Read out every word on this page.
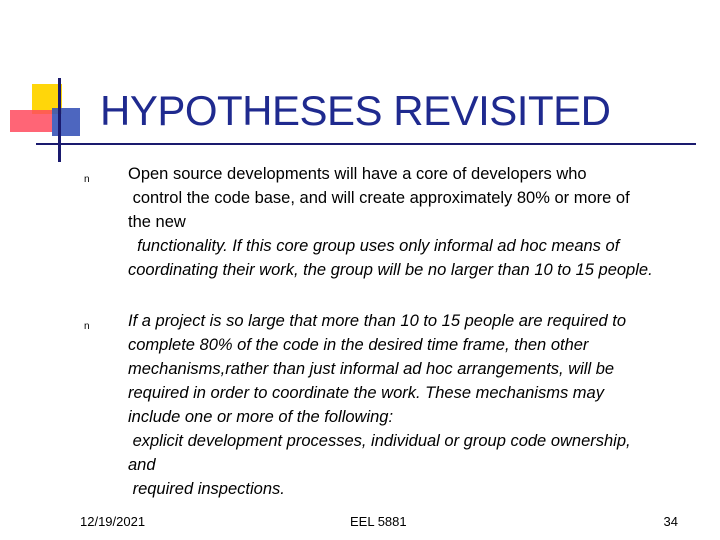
HYPOTHESES REVISITED
n Open source developments will have a core of developers who
control the code base, and will create approximately 80% or more of
the new
functionality. If this core group uses only informal ad hoc means of
coordinating their work, the group will be no larger than 10 to 15 people.
n If a project is so large that more than 10 to 15 people are required to
complete 80% of the code in the desired time frame, then other
mechanisms,rather than just informal ad hoc arrangements, will be
required in order to coordinate the work. These mechanisms may
include one or more of the following:
explicit development processes, individual or group code ownership,
and
required inspections.
12/19/2021	EEL 5881	34
